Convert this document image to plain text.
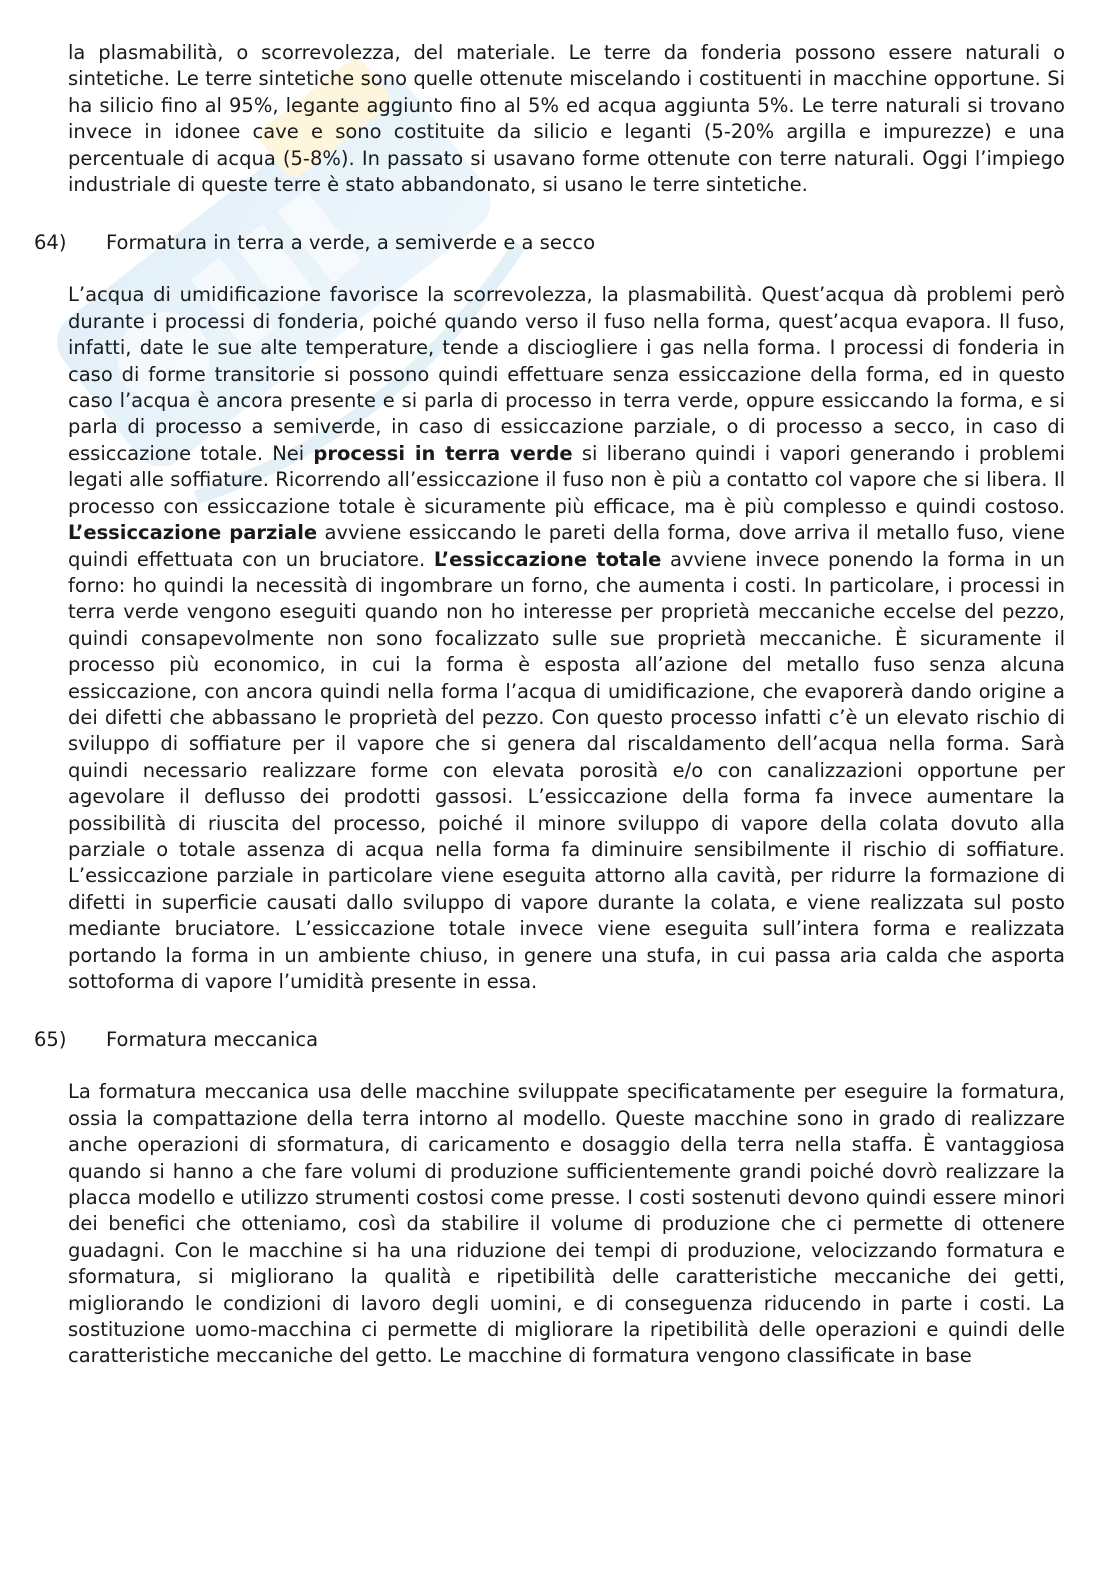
la plasmabilità, o scorrevolezza, del materiale. Le terre da fonderia possono essere naturali o sintetiche. Le terre sintetiche sono quelle ottenute miscelando i costituenti in macchine opportune. Si ha silicio fino al 95%, legante aggiunto fino al 5% ed acqua aggiunta 5%. Le terre naturali si trovano invece in idonee cave e sono costituite da silicio e leganti (5-20% argilla e impurezze) e una percentuale di acqua (5-8%). In passato si usavano forme ottenute con terre naturali. Oggi l’impiego industriale di queste terre è stato abbandonato, si usano le terre sintetiche.

64) Formatura in terra a verde, a semiverde e a secco

L’acqua di umidificazione favorisce la scorrevolezza, la plasmabilità. Quest’acqua dà problemi però durante i processi di fonderia, poiché quando verso il fuso nella forma, quest’acqua evapora. Il fuso, infatti, date le sue alte temperature, tende a disciogliere i gas nella forma. I processi di fonderia in caso di forme transitorie si possono quindi effettuare senza essiccazione della forma, ed in questo caso l’acqua è ancora presente e si parla di processo in terra verde, oppure essiccando la forma, e si parla di processo a semiverde, in caso di essiccazione parziale, o di processo a secco, in caso di essiccazione totale. Nei processi in terra verde si liberano quindi i vapori generando i problemi legati alle soffiature. Ricorrendo all’essiccazione il fuso non è più a contatto col vapore che si libera. Il processo con essiccazione totale è sicuramente più efficace, ma è più complesso e quindi costoso. L’essiccazione parziale avviene essiccando le pareti della forma, dove arriva il metallo fuso, viene quindi effettuata con un bruciatore. L’essiccazione totale avviene invece ponendo la forma in un forno: ho quindi la necessità di ingombrare un forno, che aumenta i costi. In particolare, i processi in terra verde vengono eseguiti quando non ho interesse per proprietà meccaniche eccelse del pezzo, quindi consapevolmente non sono focalizzato sulle sue proprietà meccaniche. È sicuramente il processo più economico, in cui la forma è esposta all’azione del metallo fuso senza alcuna essiccazione, con ancora quindi nella forma l’acqua di umidificazione, che evaporerà dando origine a dei difetti che abbassano le proprietà del pezzo. Con questo processo infatti c’è un elevato rischio di sviluppo di soffiature per il vapore che si genera dal riscaldamento dell’acqua nella forma. Sarà quindi necessario realizzare forme con elevata porosità e/o con canalizzazioni opportune per agevolare il deflusso dei prodotti gassosi. L’essiccazione della forma fa invece aumentare la possibilità di riuscita del processo, poiché il minore sviluppo di vapore della colata dovuto alla parziale o totale assenza di acqua nella forma fa diminuire sensibilmente il rischio di soffiature. L’essiccazione parziale in particolare viene eseguita attorno alla cavità, per ridurre la formazione di difetti in superficie causati dallo sviluppo di vapore durante la colata, e viene realizzata sul posto mediante bruciatore. L’essiccazione totale invece viene eseguita sull’intera forma e realizzata portando la forma in un ambiente chiuso, in genere una stufa, in cui passa aria calda che asporta sottoforma di vapore l’umidità presente in essa.

65) Formatura meccanica

La formatura meccanica usa delle macchine sviluppate specificatamente per eseguire la formatura, ossia la compattazione della terra intorno al modello. Queste macchine sono in grado di realizzare anche operazioni di sformatura, di caricamento e dosaggio della terra nella staffa. È vantaggiosa quando si hanno a che fare volumi di produzione sufficientemente grandi poiché dovrò realizzare la placca modello e utilizzo strumenti costosi come presse. I costi sostenuti devono quindi essere minori dei benefici che otteniamo, così da stabilire il volume di produzione che ci permette di ottenere guadagni. Con le macchine si ha una riduzione dei tempi di produzione, velocizzando formatura e sformatura, si migliorano la qualità e ripetibilità delle caratteristiche meccaniche dei getti, migliorando le condizioni di lavoro degli uomini, e di conseguenza riducendo in parte i costi. La sostituzione uomo-macchina ci permette di migliorare la ripetibilità delle operazioni e quindi delle caratteristiche meccaniche del getto. Le macchine di formatura vengono classificate in base
